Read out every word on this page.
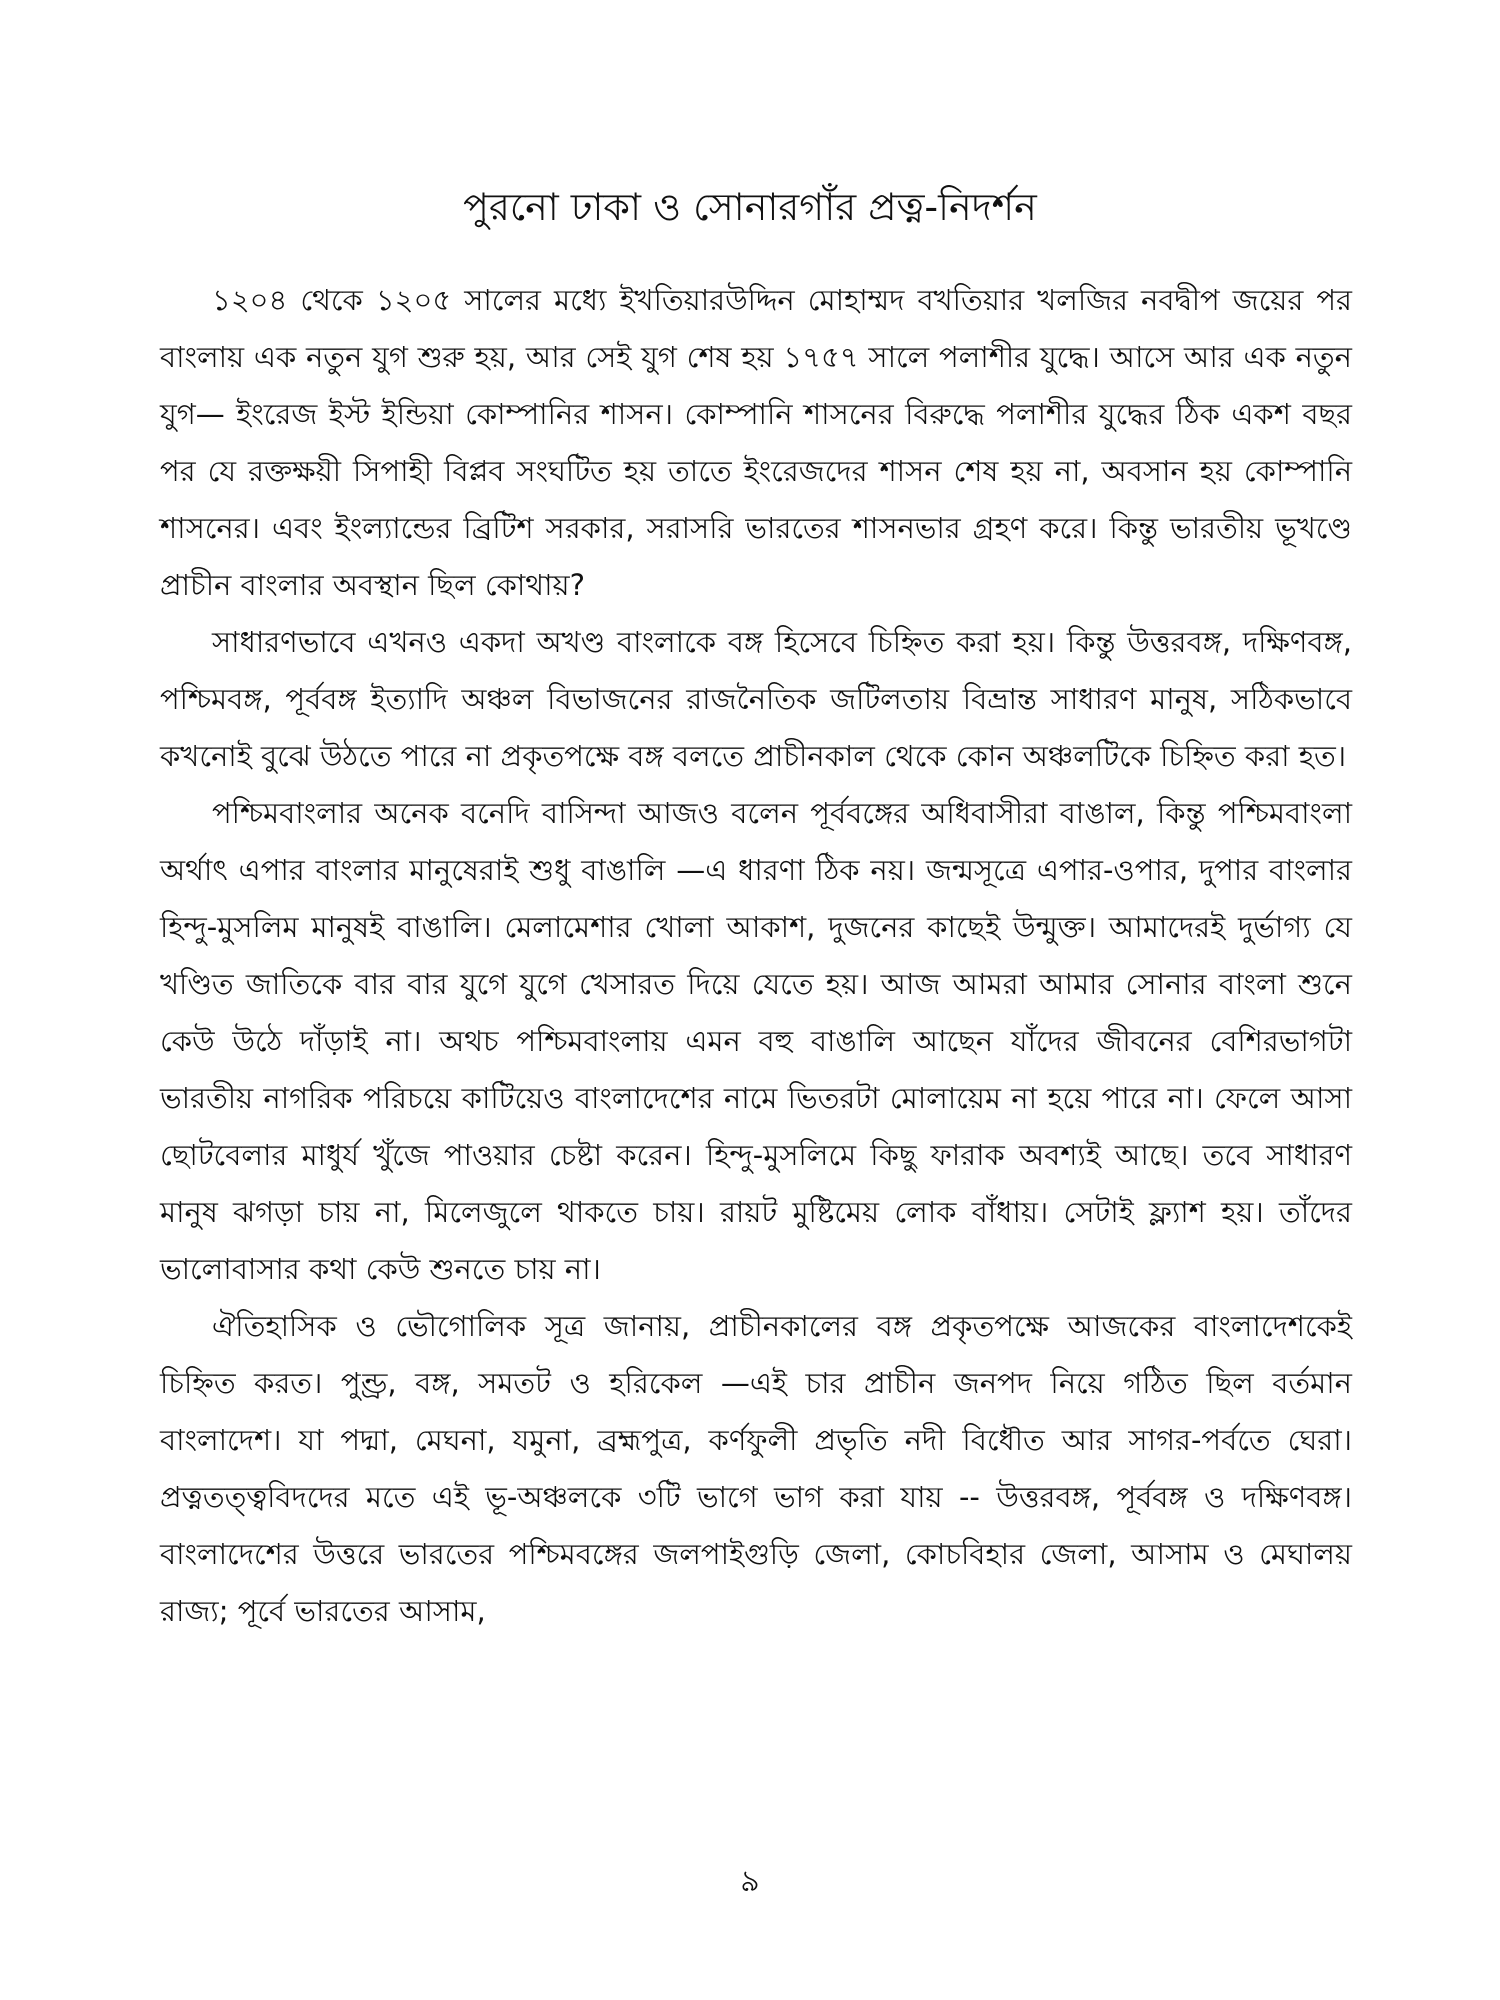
পুরনো ঢাকা ও সোনারগাঁর প্রত্ন-নিদর্শন

১২০৪ থেকে ১২০৫ সালের মধ্যে ইখতিয়ারউদ্দিন মোহাম্মদ বখতিয়ার খলজির নবদ্বীপ জয়ের পর বাংলায় এক নতুন যুগ শুরু হয়, আর সেই যুগ শেষ হয় ১৭৫৭ সালে পলাশীর যুদ্ধে। আসে আর এক নতুন যুগ— ইংরেজ ইস্ট ইন্ডিয়া কোম্পানির শাসন। কোম্পানি শাসনের বিরুদ্ধে পলাশীর যুদ্ধের ঠিক একশ বছর পর যে রক্তক্ষয়ী সিপাহী বিপ্লব সংঘটিত হয় তাতে ইংরেজদের শাসন শেষ হয় না, অবসান হয় কোম্পানি শাসনের। এবং ইংল্যান্ডের ব্রিটিশ সরকার, সরাসরি ভারতের শাসনভার গ্রহণ করে। কিন্তু ভারতীয় ভূখণ্ডে প্রাচীন বাংলার অবস্থান ছিল কোথায়?

সাধারণভাবে এখনও একদা অখণ্ড বাংলাকে বঙ্গ হিসেবে চিহ্নিত করা হয়। কিন্তু উত্তরবঙ্গ, দক্ষিণবঙ্গ, পশ্চিমবঙ্গ, পূর্ববঙ্গ ইত্যাদি অঞ্চল বিভাজনের রাজনৈতিক জটিলতায় বিভ্রান্ত সাধারণ মানুষ, সঠিকভাবে কখনোই বুঝে উঠতে পারে না প্রকৃতপক্ষে বঙ্গ বলতে প্রাচীনকাল থেকে কোন অঞ্চলটিকে চিহ্নিত করা হত।

পশ্চিমবাংলার অনেক বনেদি বাসিন্দা আজও বলেন পূর্ববঙ্গের অধিবাসীরা বাঙাল, কিন্তু পশ্চিমবাংলা অর্থাৎ এপার বাংলার মানুষেরাই শুধু বাঙালি —এ ধারণা ঠিক নয়। জন্মসূত্রে এপার-ওপার, দুপার বাংলার হিন্দু-মুসলিম মানুষই বাঙালি। মেলামেশার খোলা আকাশ, দুজনের কাছেই উন্মুক্ত। আমাদেরই দুর্ভাগ্য যে খণ্ডিত জাতিকে বার বার যুগে যুগে খেসারত দিয়ে যেতে হয়। আজ আমরা আমার সোনার বাংলা শুনে কেউ উঠে দাঁড়াই না। অথচ পশ্চিমবাংলায় এমন বহু বাঙালি আছেন যাঁদের জীবনের বেশিরভাগটা ভারতীয় নাগরিক পরিচয়ে কাটিয়েও বাংলাদেশের নামে ভিতরটা মোলায়েম না হয়ে পারে না। ফেলে আসা ছোটবেলার মাধুর্য খুঁজে পাওয়ার চেষ্টা করেন। হিন্দু-মুসলিমে কিছু ফারাক অবশ্যই আছে। তবে সাধারণ মানুষ ঝগড়া চায় না, মিলেজুলে থাকতে চায়। রায়ট মুষ্টিমেয় লোক বাঁধায়। সেটাই ফ্ল্যাশ হয়। তাঁদের ভালোবাসার কথা কেউ শুনতে চায় না।

ঐতিহাসিক ও ভৌগোলিক সূত্র জানায়, প্রাচীনকালের বঙ্গ প্রকৃতপক্ষে আজকের বাংলাদেশকেই চিহ্নিত করত। পুণ্ড্র, বঙ্গ, সমতট ও হরিকেল —এই চার প্রাচীন জনপদ নিয়ে গঠিত ছিল বর্তমান বাংলাদেশ। যা পদ্মা, মেঘনা, যমুনা, ব্রহ্মপুত্র, কর্ণফুলী প্রভৃতি নদী বিধৌত আর সাগর-পর্বতে ঘেরা। প্রত্নতত্ত্ববিদদের মতে এই ভূ-অঞ্চলকে ৩টি ভাগে ভাগ করা যায় -- উত্তরবঙ্গ, পূর্ববঙ্গ ও দক্ষিণবঙ্গ। বাংলাদেশের উত্তরে ভারতের পশ্চিমবঙ্গের জলপাইগুড়ি জেলা, কোচবিহার জেলা, আসাম ও মেঘালয় রাজ্য; পূর্বে ভারতের আসাম,

৯
